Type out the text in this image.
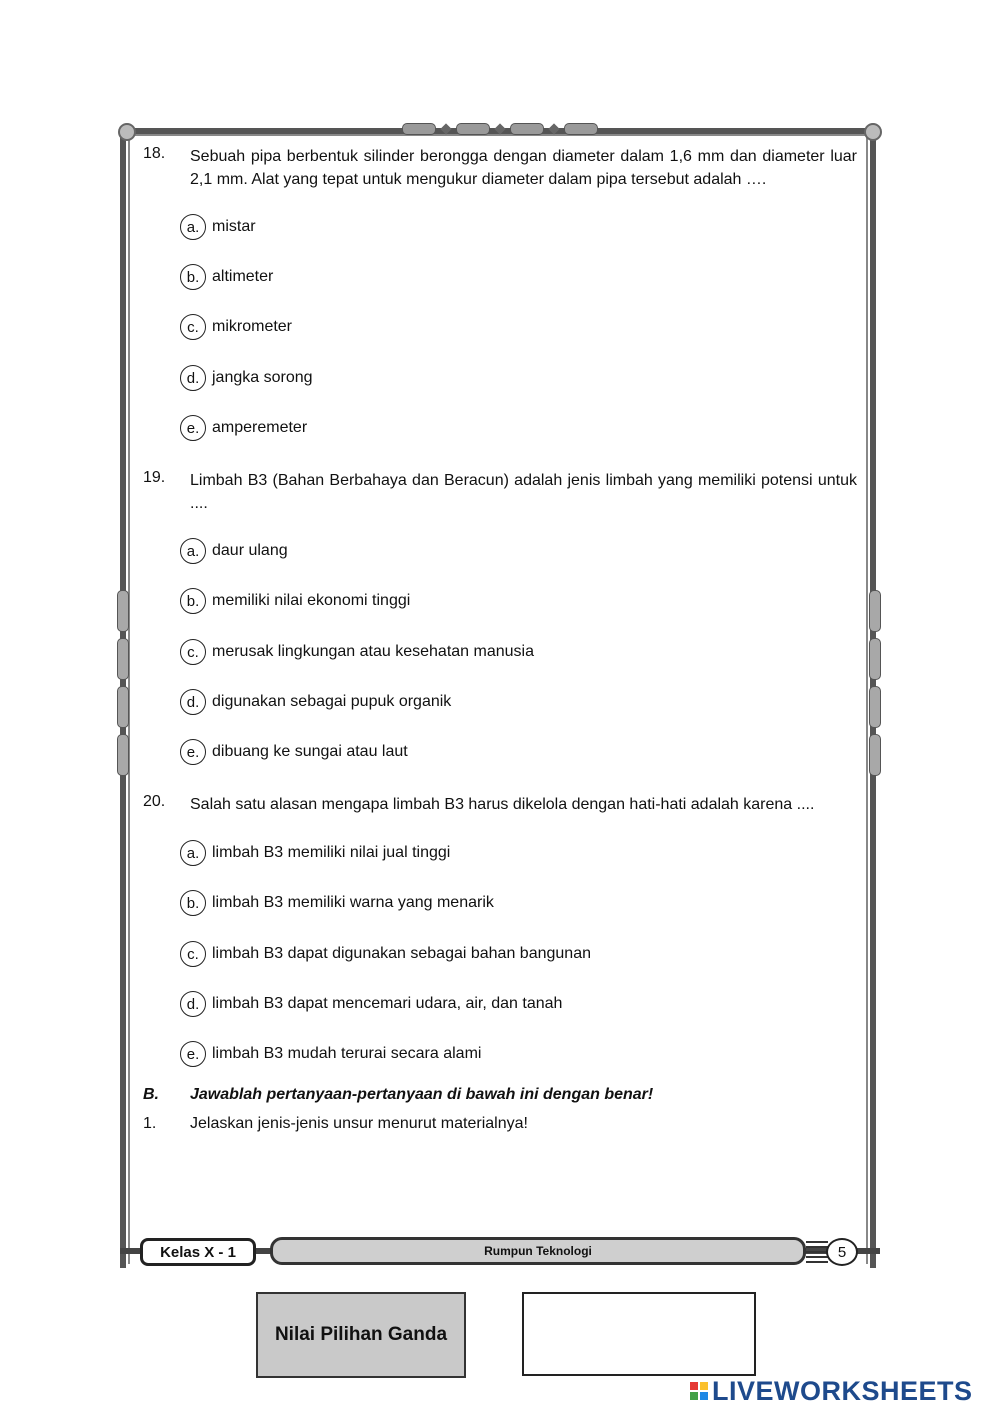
18.	Sebuah pipa berbentuk silinder berongga dengan diameter dalam 1,6 mm dan diameter luar 2,1 mm. Alat yang tepat untuk mengukur diameter dalam pipa tersebut adalah ….
a. mistar
b. altimeter
c. mikrometer
d. jangka sorong
e. amperemeter
19.	Limbah B3 (Bahan Berbahaya dan Beracun) adalah jenis limbah yang memiliki potensi untuk ....
a. daur ulang
b. memiliki nilai ekonomi tinggi
c. merusak lingkungan atau kesehatan manusia
d. digunakan sebagai pupuk organik
e. dibuang ke sungai atau laut
20.	Salah satu alasan mengapa limbah B3 harus dikelola dengan hati-hati adalah karena ....
a. limbah B3 memiliki nilai jual tinggi
b. limbah B3 memiliki warna yang menarik
c. limbah B3 dapat digunakan sebagai bahan bangunan
d. limbah B3 dapat mencemari udara, air, dan tanah
e. limbah B3 mudah terurai secara alami
B. Jawablah pertanyaan-pertanyaan di bawah ini dengan benar!
1.	Jelaskan jenis-jenis unsur menurut materialnya!
Kelas X - 1	Rumpun Teknologi	5
Nilai Pilihan Ganda
LIVEWORKSHEETS
